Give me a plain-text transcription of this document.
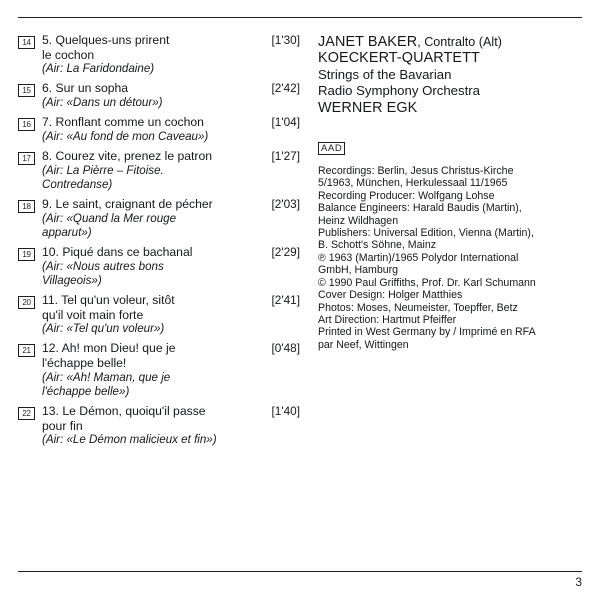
14 5. Quelques-uns prirent
le cochon
(Air: La Faridondaine)
[1'30]
15 6. Sur un sopha
(Air: «Dans un détour»)
[2'42]
16 7. Ronflant comme un cochon
(Air: «Au fond de mon Caveau»)
[1'04]
17 8. Courez vite, prenez le patron
(Air: La Pièrre – Fitoise.
Contredanse)
[1'27]
18 9. Le saint, craignant de pécher
(Air: «Quand la Mer rouge
apparut»)
[2'03]
19 10. Piqué dans ce bachanal
(Air: «Nous autres bons
Villageois»)
[2'29]
20 11. Tel qu'un voleur, sitôt
qu'il voit main forte
(Air: «Tel qu'un voleur»)
[2'41]
21 12. Ah! mon Dieu! que je
l'échappe belle!
(Air: «Ah! Maman, que je
l'échappe belle»)
[0'48]
22 13. Le Démon, quoiqu'il passe
pour fin
(Air: «Le Démon malicieux et fin»)
[1'40]
JANET BAKER, Contralto (Alt)
KOECKERT-QUARTETT
Strings of the Bavarian
Radio Symphony Orchestra
WERNER EGK
AAD

Recordings: Berlin, Jesus Christus-Kirche

5/1963, München, Herkulessaal 11/1965

Recording Producer: Wolfgang Lohse

Balance Engineers: Harald Baudis (Martin),

Heinz Wildhagen

Publishers: Universal Edition, Vienna (Martin),

B. Schott's Söhne, Mainz

℗ 1963 (Martin)/1965 Polydor International

GmbH, Hamburg

© 1990 Paul Griffiths, Prof. Dr. Karl Schumann

Cover Design: Holger Matthies

Photos: Moses, Neumeister, Toepffer, Betz

Art Direction: Hartmut Pfeiffer

Printed in West Germany by / Imprimé en RFA

par Neef, Wittingen

3
